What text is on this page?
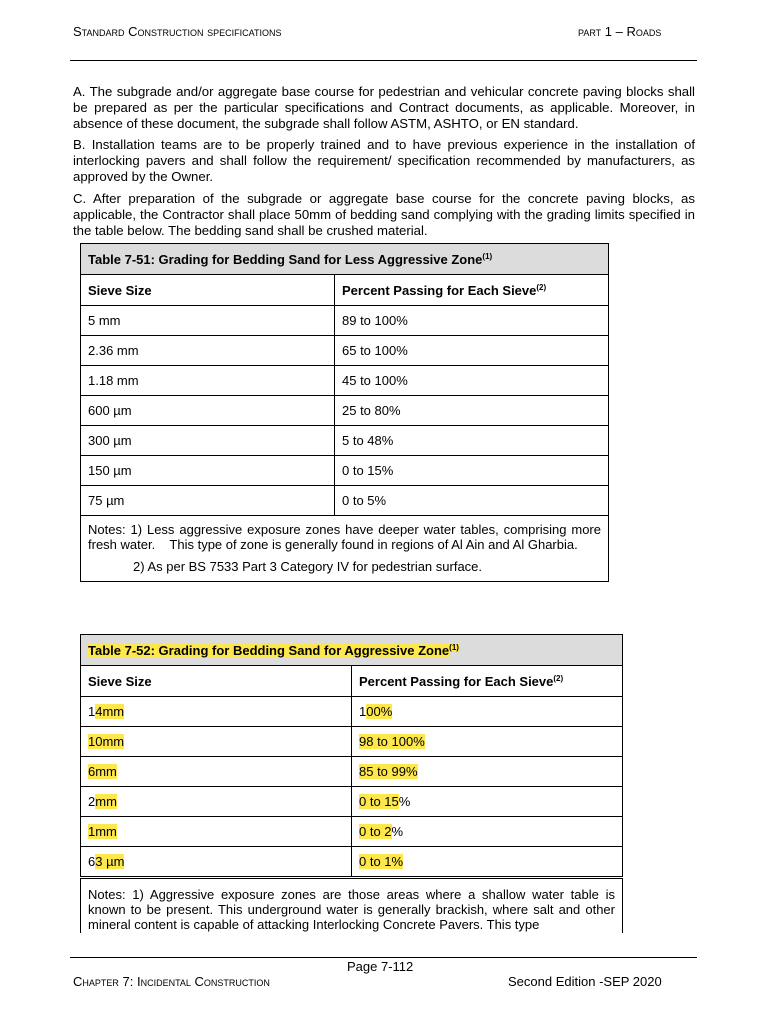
Standard Construction specifications	part 1 – Roads
A. The subgrade and/or aggregate base course for pedestrian and vehicular concrete paving blocks shall be prepared as per the particular specifications and Contract documents, as applicable. Moreover, in absence of these document, the subgrade shall follow ASTM, ASHTO, or EN standard.
B. Installation teams are to be properly trained and to have previous experience in the installation of interlocking pavers and shall follow the requirement/ specification recommended by manufacturers, as approved by the Owner.
C. After preparation of the subgrade or aggregate base course for the concrete paving blocks, as applicable, the Contractor shall place 50mm of bedding sand complying with the grading limits specified in the table below. The bedding sand shall be crushed material.
Table 7-51: Grading for Bedding Sand for Less Aggressive Zone$^{(1)}$
Sieve Size	Percent Passing for Each Sieve$^{(2)}$
5 mm	89 to 100%
2.36 mm	65 to 100%
1.18 mm	45 to 100%
600 µm	25 to 80%
300 µm	5 to 48%
150 µm	0 to 15%
75 µm	0 to 5%
Notes: 1) Less aggressive exposure zones have deeper water tables, comprising more fresh water.    This type of zone is generally found in regions of Al Ain and Al Gharbia.
2) As per BS 7533 Part 3 Category IV for pedestrian surface.	
Table 7-52: Grading for Bedding Sand for Aggressive Zone$^{(1)}$
Sieve Size	Percent Passing for Each Sieve$^{(2)}$
14mm	100%
10mm	98 to 100%
6mm	85 to 99%
2mm	0 to 15%
1mm	0 to 2%
63 µm	0 to 1%
Notes: 1) Aggressive exposure zones are those areas where a shallow water table is known to be present. This underground water is generally brackish, where salt and other mineral content is capable of attacking Interlocking Concrete Pavers. This type
Page 7-112
Chapter 7: Incidental Construction	Second Edition -SEP 2020
